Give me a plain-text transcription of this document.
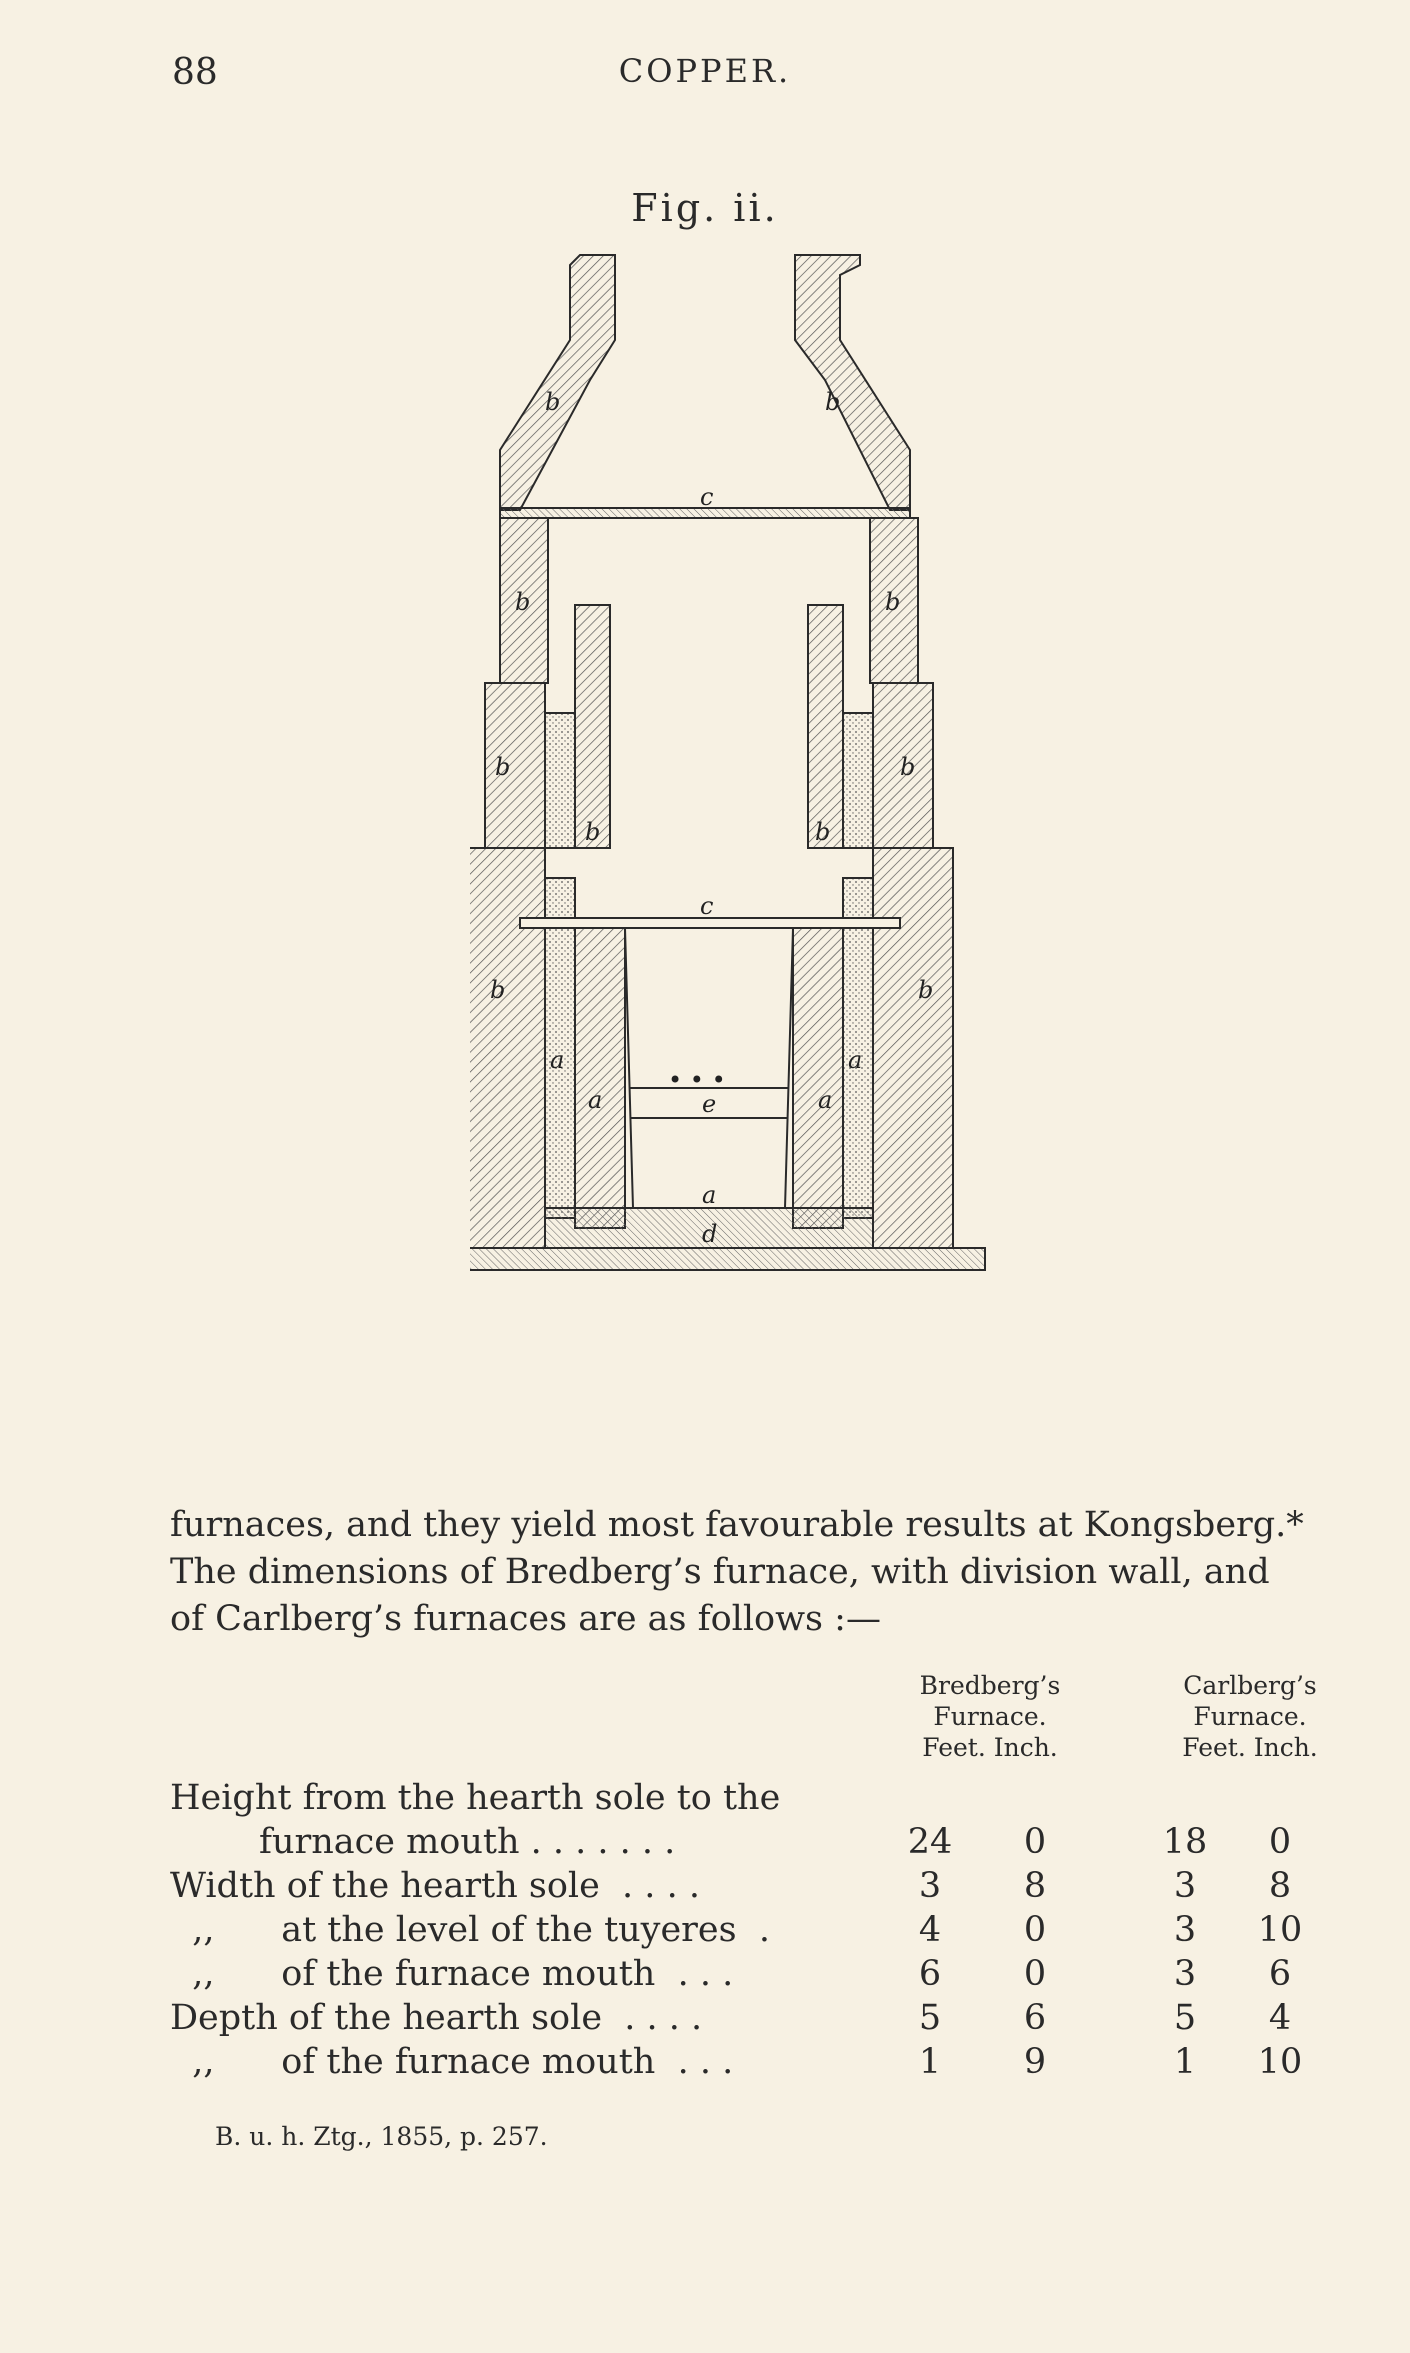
88	COPPER.
Fig. ii.
b	b
c
b	b
b	b
b	b
c
b	b
a
a	a
a
• • •
e
a
d
furnaces, and they yield most favourable results at Kongsberg.*
The dimensions of Bredberg’s furnace, with division wall, and
of Carlberg’s furnaces are as follows :—
Bredberg’s
Furnace.
Feet. Inch.
Carlberg’s
Furnace.
Feet. Inch.
Height from the hearth sole to the
furnace mouth . . . . . . .	24	0	18	0
Width of the hearth sole  . . . .	3	8	3	8
,,      at the level of the tuyeres  .	4	0	3	10
,,      of the furnace mouth  . . .	6	0	3	6
Depth of the hearth sole  . . . .	5	6	5	4
,,      of the furnace mouth  . . .	1	9	1	10
B. u. h. Ztg., 1855, p. 257.
